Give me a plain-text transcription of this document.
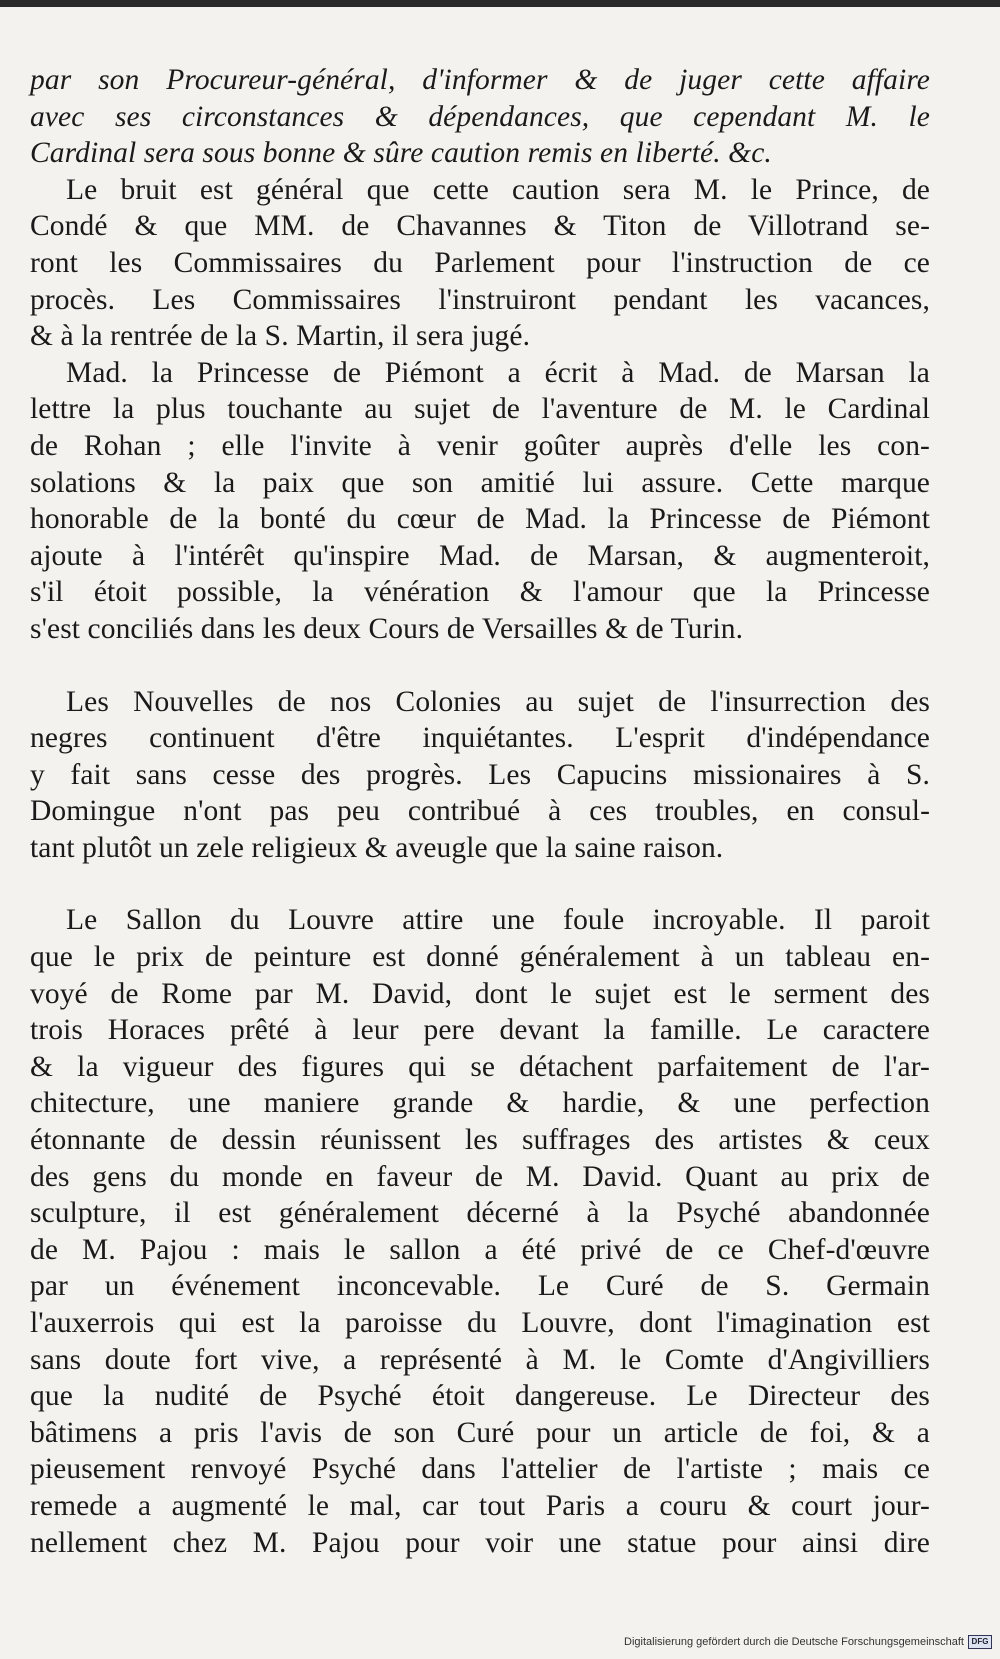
par son Procureur-général, d'informer & de juger cette affaire
avec ses circonstances & dépendances, que cependant M. le
Cardinal sera sous bonne & sûre caution remis en liberté. &c.
Le bruit est général que cette caution sera M. le Prince, de
Condé & que MM. de Chavannes & Titon de Villotrand se-
ront les Commissaires du Parlement pour l'instruction de ce
procès. Les Commissaires l'instruiront pendant les vacances,
& à la rentrée de la S. Martin, il sera jugé.
Mad. la Princesse de Piémont a écrit à Mad. de Marsan la
lettre la plus touchante au sujet de l'aventure de M. le Cardinal
de Rohan ; elle l'invite à venir goûter auprès d'elle les con-
solations & la paix que son amitié lui assure. Cette marque
honorable de la bonté du cœur de Mad. la Princesse de Piémont
ajoute à l'intérêt qu'inspire Mad. de Marsan, & augmenteroit,
s'il étoit possible, la vénération & l'amour que la Princesse
s'est conciliés dans les deux Cours de Versailles & de Turin.
Les Nouvelles de nos Colonies au sujet de l'insurrection des
negres continuent d'être inquiétantes. L'esprit d'indépendance
y fait sans cesse des progrès. Les Capucins missionaires à S.
Domingue n'ont pas peu contribué à ces troubles, en consul-
tant plutôt un zele religieux & aveugle que la saine raison.
Le Sallon du Louvre attire une foule incroyable. Il paroit
que le prix de peinture est donné généralement à un tableau en-
voyé de Rome par M. David, dont le sujet est le serment des
trois Horaces prêté à leur pere devant la famille. Le caractere
& la vigueur des figures qui se détachent parfaitement de l'ar-
chitecture, une maniere grande & hardie, & une perfection
étonnante de dessin réunissent les suffrages des artistes & ceux
des gens du monde en faveur de M. David. Quant au prix de
sculpture, il est généralement décerné à la Psyché abandonnée
de M. Pajou : mais le sallon a été privé de ce Chef-d'œuvre
par un événement inconcevable. Le Curé de S. Germain
l'auxerrois qui est la paroisse du Louvre, dont l'imagination est
sans doute fort vive, a représenté à M. le Comte d'Angivilliers
que la nudité de Psyché étoit dangereuse. Le Directeur des
bâtimens a pris l'avis de son Curé pour un article de foi, & a
pieusement renvoyé Psyché dans l'attelier de l'artiste ; mais ce
remede a augmenté le mal, car tout Paris a couru & court jour-
nellement chez M. Pajou pour voir une statue pour ainsi dire
Digitalisierung gefördert durch die Deutsche Forschungsgemeinschaft DFG
